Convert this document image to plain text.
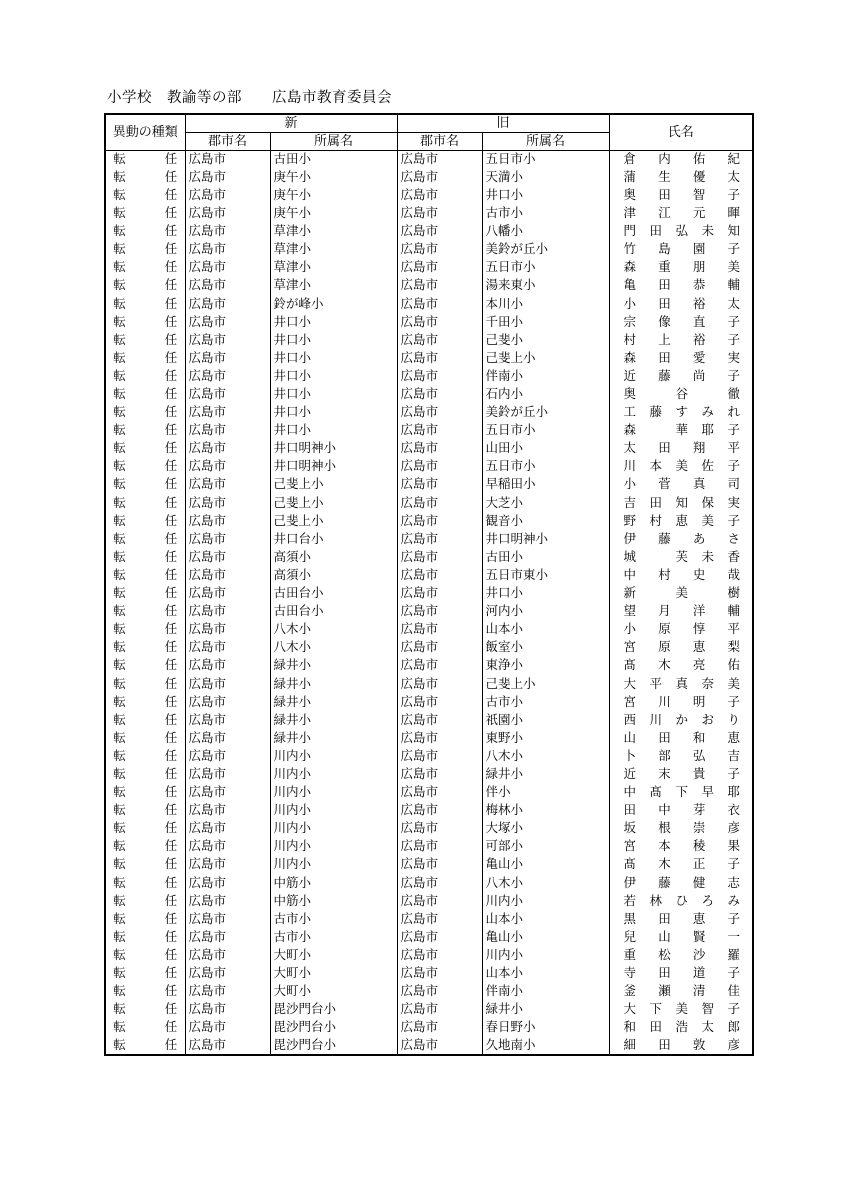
小学校　教諭等の部　　広島市教育委員会
異動の種類	新		旧		氏名
	郡市名	所属名	郡市名	所属名	
転任	広島市	古田小	広島市	五日市小	倉内佑紀

転任	広島市	庚午小	広島市	天満小	蒲生優太

転任	広島市	庚午小	広島市	井口小	奥田智子

転任	広島市	庚午小	広島市	古市小	津江元暉

転任	広島市	草津小	広島市	八幡小	門田弘未知

転任	広島市	草津小	広島市	美鈴が丘小	竹島園子

転任	広島市	草津小	広島市	五日市小	森重朋美

転任	広島市	草津小	広島市	湯来東小	亀田恭輔

転任	広島市	鈴が峰小	広島市	本川小	小田裕太

転任	広島市	井口小	広島市	千田小	宗像直子

転任	広島市	井口小	広島市	己斐小	村上裕子

転任	広島市	井口小	広島市	己斐上小	森田愛実

転任	広島市	井口小	広島市	伴南小	近藤尚子

転任	広島市	井口小	広島市	石内小	奥　谷　徹

転任	広島市	井口小	広島市	美鈴が丘小	工藤すみれ

転任	広島市	井口小	広島市	五日市小	森　華耶子

転任	広島市	井口明神小	広島市	山田小	太田翔平

転任	広島市	井口明神小	広島市	五日市小	川本美佐子

転任	広島市	己斐上小	広島市	早稲田小	小菅真司

転任	広島市	己斐上小	広島市	大芝小	吉田知保実

転任	広島市	己斐上小	広島市	観音小	野村恵美子

転任	広島市	井口台小	広島市	井口明神小	伊藤あさ

転任	広島市	高須小	広島市	古田小	城　芙未香

転任	広島市	高須小	広島市	五日市東小	中村史哉

転任	広島市	古田台小	広島市	井口小	新　美　樹

転任	広島市	古田台小	広島市	河内小	望月洋輔

転任	広島市	八木小	広島市	山本小	小原惇平

転任	広島市	八木小	広島市	飯室小	宮原恵梨

転任	広島市	緑井小	広島市	東浄小	髙木亮佑

転任	広島市	緑井小	広島市	己斐上小	大平真奈美

転任	広島市	緑井小	広島市	古市小	宮川明子

転任	広島市	緑井小	広島市	祇園小	西川かおり

転任	広島市	緑井小	広島市	東野小	山田和恵

転任	広島市	川内小	広島市	八木小	卜部弘吉

転任	広島市	川内小	広島市	緑井小	近末貴子

転任	広島市	川内小	広島市	伴小	中髙下早耶

転任	広島市	川内小	広島市	梅林小	田中芽衣

転任	広島市	川内小	広島市	大塚小	坂根崇彦

転任	広島市	川内小	広島市	可部小	宮本稜果

転任	広島市	川内小	広島市	亀山小	髙木正子

転任	広島市	中筋小	広島市	八木小	伊藤健志

転任	広島市	中筋小	広島市	川内小	若林ひろみ

転任	広島市	古市小	広島市	山本小	黒田恵子

転任	広島市	古市小	広島市	亀山小	兒山賢一

転任	広島市	大町小	広島市	川内小	重松沙羅

転任	広島市	大町小	広島市	山本小	寺田道子

転任	広島市	大町小	広島市	伴南小	釜瀬清佳

転任	広島市	毘沙門台小	広島市	緑井小	大下美智子

転任	広島市	毘沙門台小	広島市	春日野小	和田浩太郎

転任	広島市	毘沙門台小	広島市	久地南小	細田敦彦
